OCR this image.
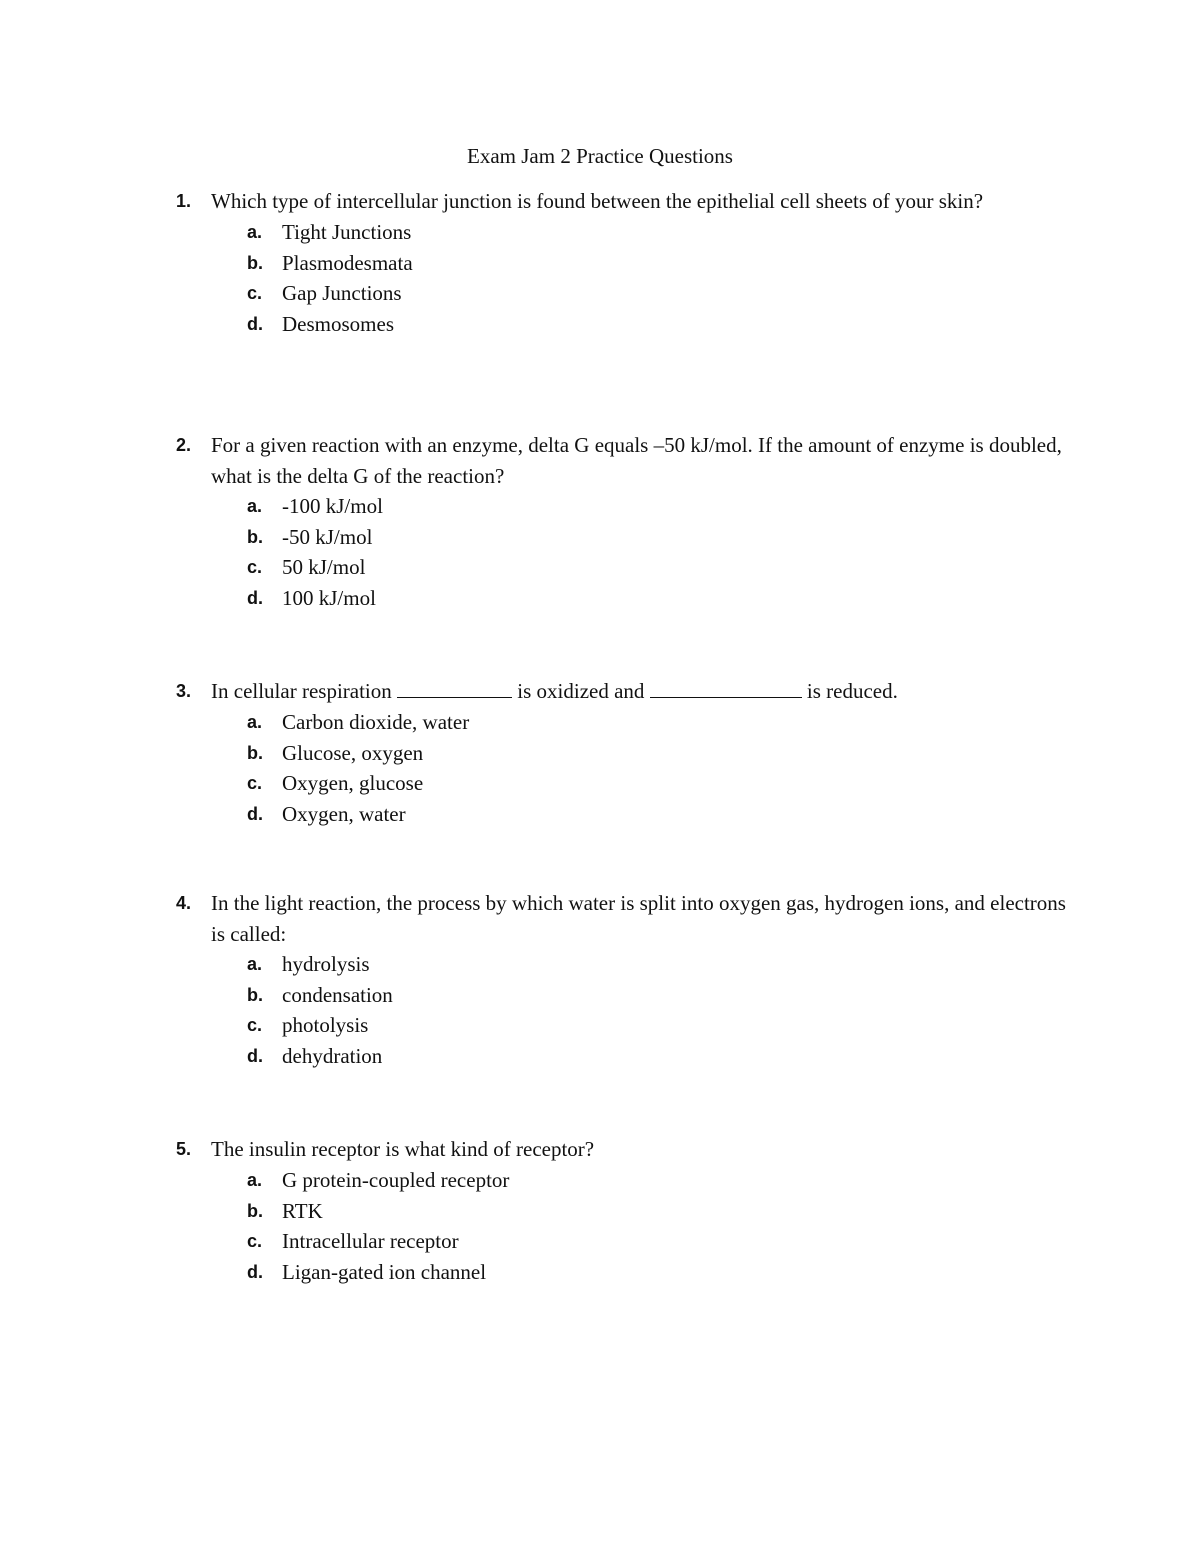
Exam Jam 2 Practice Questions
1. Which type of intercellular junction is found between the epithelial cell sheets of your skin?
a. Tight Junctions
b. Plasmodesmata
c. Gap Junctions
d. Desmosomes
2. For a given reaction with an enzyme, delta G equals –50 kJ/mol. If the amount of enzyme is doubled, what is the delta G of the reaction?
a. -100 kJ/mol
b. -50 kJ/mol
c. 50 kJ/mol
d. 100 kJ/mol
3. In cellular respiration	is oxidized and	is reduced.
a. Carbon dioxide, water
b. Glucose, oxygen
c. Oxygen, glucose
d. Oxygen, water
4. In the light reaction, the process by which water is split into oxygen gas, hydrogen ions, and electrons is called:
a. hydrolysis
b. condensation
c. photolysis
d. dehydration
5. The insulin receptor is what kind of receptor?
a. G protein-coupled receptor
b. RTK
c. Intracellular receptor
d. Ligan-gated ion channel
